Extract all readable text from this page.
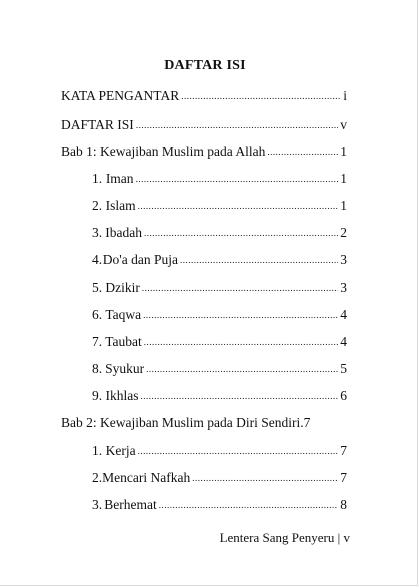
DAFTAR ISI
KATA PENGANTAR .....	i
DAFTAR ISI .....	v
Bab 1: Kewajiban Muslim pada Allah .....	1
1. Iman .....	1
2. Islam .....	1
3. Ibadah .....	2
4. Do'a dan Puja .....	3
5. Dzikir .....	3
6. Taqwa .....	4
7. Taubat .....	4
8. Syukur .....	5
9. Ikhlas .....	6
Bab 2: Kewajiban Muslim pada Diri Sendiri.7
1. Kerja .....	7
2. Mencari Nafkah .....	7
3. Berhemat .....	8
Lentera Sang Penyeru | v
